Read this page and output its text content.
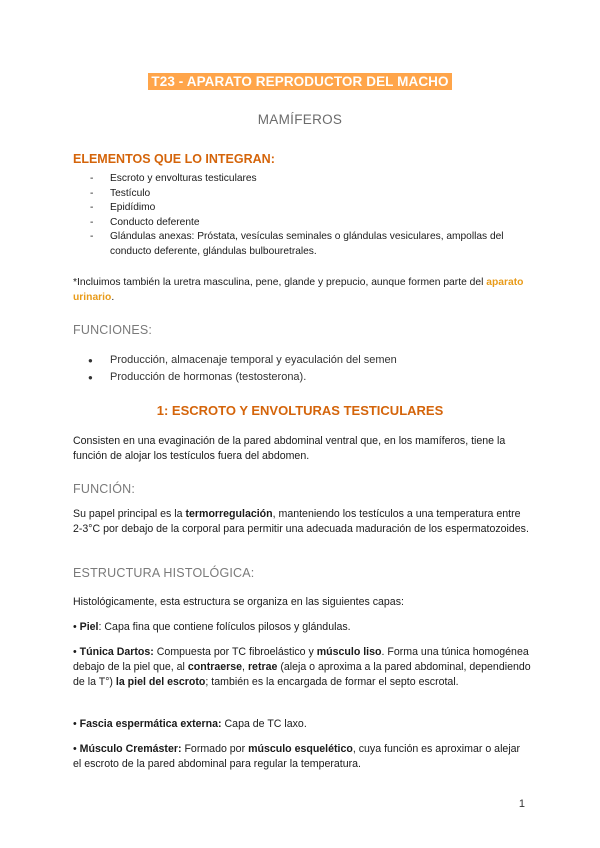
T23 - APARATO REPRODUCTOR DEL MACHO
MAMÍFEROS
ELEMENTOS QUE LO INTEGRAN:
- Escroto y envolturas testiculares
- Testículo
- Epidídimo
- Conducto deferente
- Glándulas anexas: Próstata, vesículas seminales o glándulas vesiculares, ampollas del conducto deferente, glándulas bulbouretrales.
*Incluimos también la uretra masculina, pene, glande y prepucio, aunque formen parte del aparato urinario.
FUNCIONES:
● Producción, almacenaje temporal y eyaculación del semen
● Producción de hormonas (testosterona).
1: ESCROTO Y ENVOLTURAS TESTICULARES
Consisten en una evaginación de la pared abdominal ventral que, en los mamíferos, tiene la función de alojar los testículos fuera del abdomen.
FUNCIÓN:
Su papel principal es la termorregulación, manteniendo los testículos a una temperatura entre 2-3°C por debajo de la corporal para permitir una adecuada maduración de los espermatozoides.
ESTRUCTURA HISTOLÓGICA:
Histológicamente, esta estructura se organiza en las siguientes capas:
• Piel: Capa fina que contiene folículos pilosos y glándulas.
• Túnica Dartos: Compuesta por TC fibroelástico y músculo liso. Forma una túnica homogénea debajo de la piel que, al contraerse, retrae (aleja o aproxima a la pared abdominal, dependiendo de la T°) la piel del escroto; también es la encargada de formar el septo escrotal.
• Fascia espermática externa: Capa de TC laxo.
• Músculo Cremáster: Formado por músculo esquelético, cuya función es aproximar o alejar el escroto de la pared abdominal para regular la temperatura.
1
